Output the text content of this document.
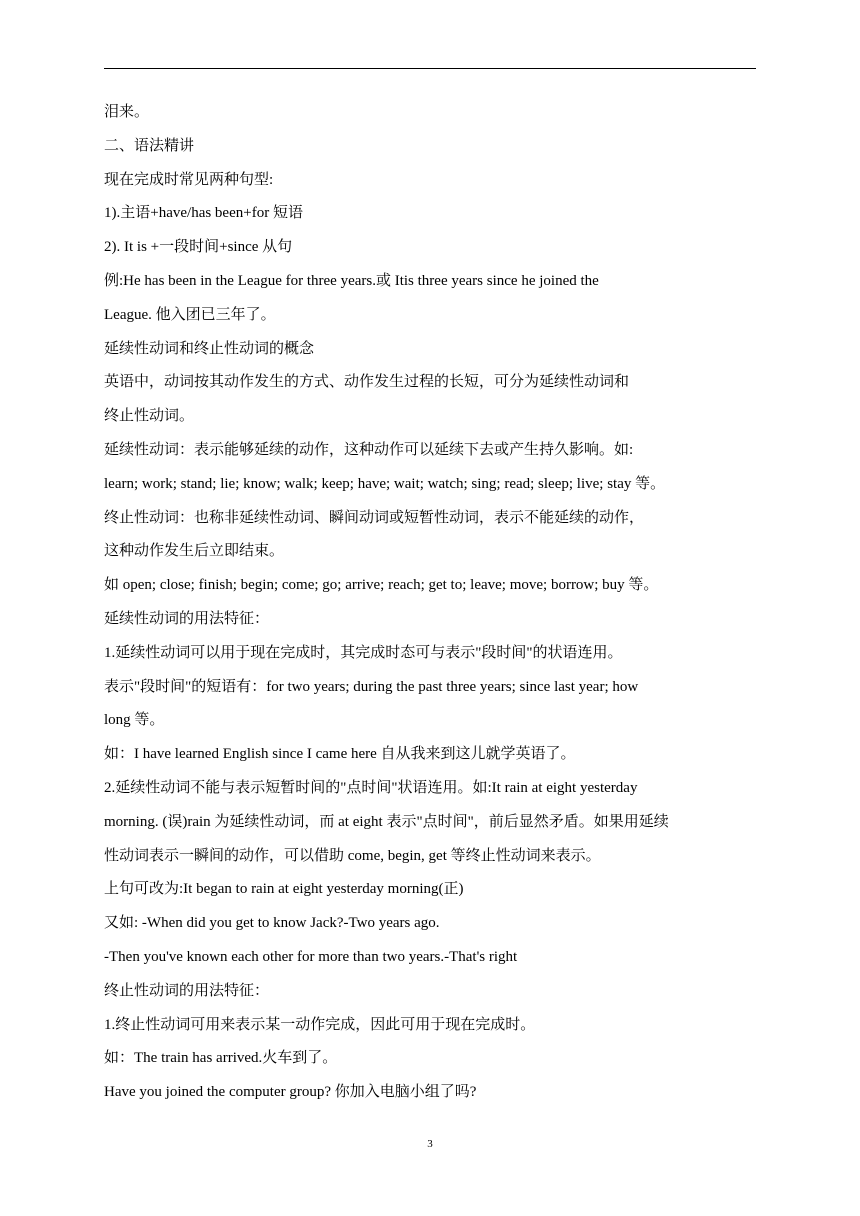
泪来。
二、语法精讲
现在完成时常见两种句型:
1).主语+have/has been+for 短语
2). It is +一段时间+since 从句
例:He has been in the League for three years.或 Itis three years since he joined the
League. 他入团已三年了。
延续性动词和终止性动词的概念
英语中，动词按其动作发生的方式、动作发生过程的长短，可分为延续性动词和
终止性动词。
延续性动词：表示能够延续的动作，这种动作可以延续下去或产生持久影响。如:
learn; work; stand; lie; know; walk; keep; have; wait; watch; sing; read; sleep; live; stay 等。
终止性动词：也称非延续性动词、瞬间动词或短暂性动词，表示不能延续的动作，
这种动作发生后立即结束。
如 open; close; finish; begin; come; go; arrive; reach; get to; leave; move; borrow; buy 等。
延续性动词的用法特征：
1.延续性动词可以用于现在完成时，其完成时态可与表示"段时间"的状语连用。
表示"段时间"的短语有：for two years; during the past three years; since last year; how
long 等。
如：I have learned English since I came here 自从我来到这儿就学英语了。
2.延续性动词不能与表示短暂时间的"点时间"状语连用。如:It rain at eight yesterday
morning. (误)rain 为延续性动词，而 at eight 表示"点时间"，前后显然矛盾。如果用延续
性动词表示一瞬间的动作，可以借助 come, begin, get 等终止性动词来表示。
上句可改为:It began to rain at eight yesterday morning(正)
又如: -When did you get to know Jack?-Two years ago.
-Then you've known each other for more than two years.-That's right
终止性动词的用法特征：
1.终止性动词可用来表示某一动作完成，因此可用于现在完成时。
如：The train has arrived.火车到了。
Have you joined the computer group? 你加入电脑小组了吗?
3
